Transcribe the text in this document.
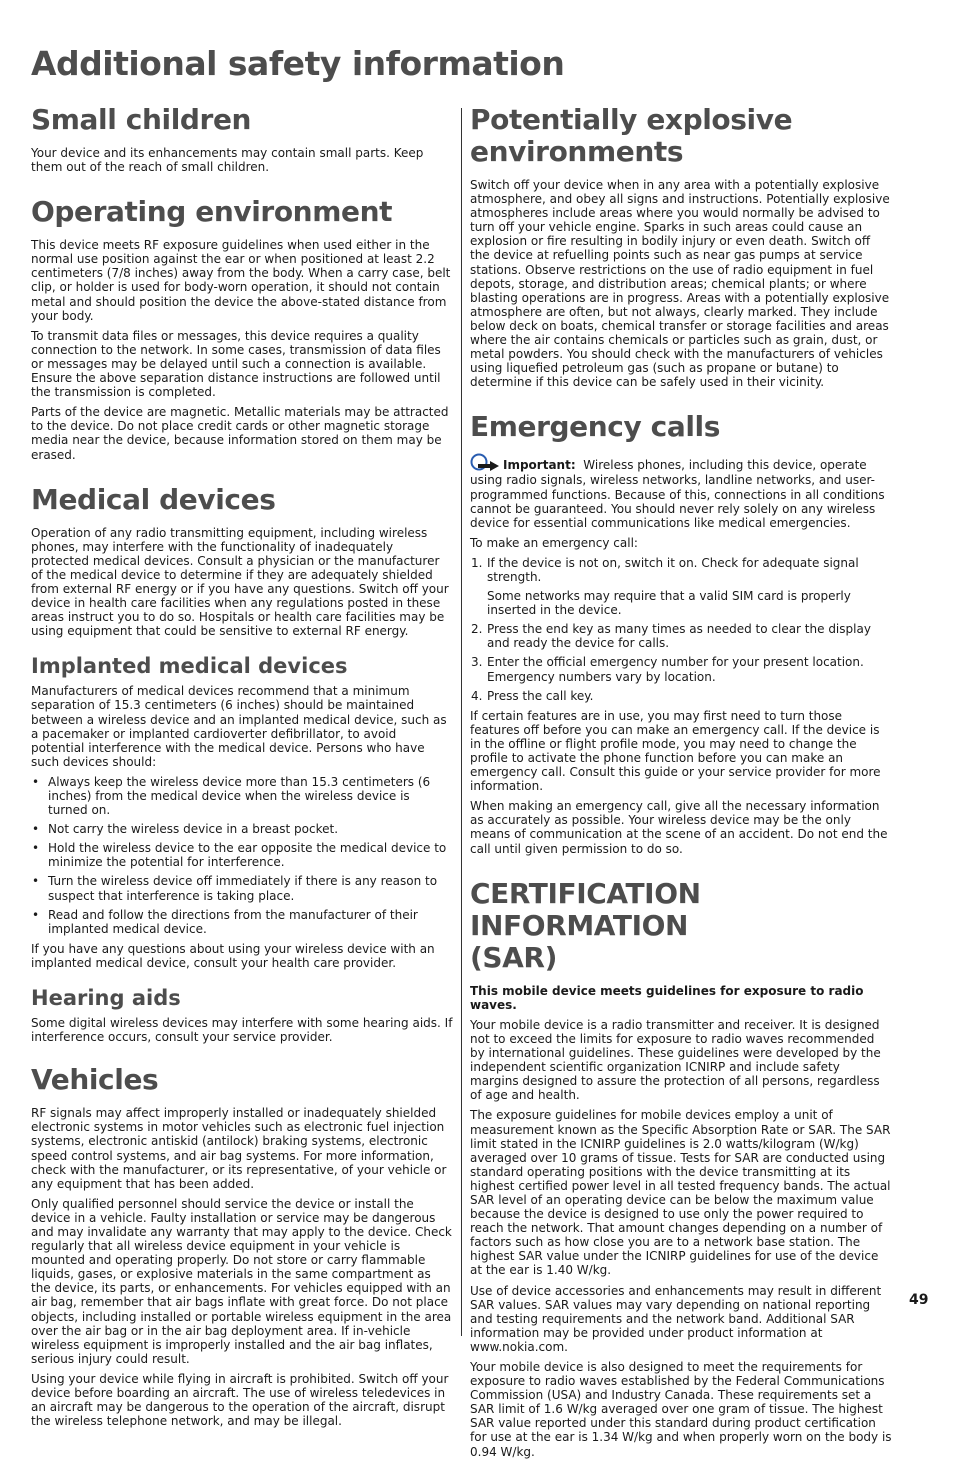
Additional safety information
Small children

Your device and its enhancements may contain small parts. Keep them out of the reach of small children.

Operating environment

This device meets RF exposure guidelines when used either in the normal use position against the ear or when positioned at least 2.2 centimeters (7/8 inches) away from the body. When a carry case, belt clip, or holder is used for body-worn operation, it should not contain metal and should position the device the above-stated distance from your body.

To transmit data files or messages, this device requires a quality connection to the network. In some cases, transmission of data files or messages may be delayed until such a connection is available. Ensure the above separation distance instructions are followed until the transmission is completed.

Parts of the device are magnetic. Metallic materials may be attracted to the device. Do not place credit cards or other magnetic storage media near the device, because information stored on them may be erased.

Medical devices

Operation of any radio transmitting equipment, including wireless phones, may interfere with the functionality of inadequately protected medical devices. Consult a physician or the manufacturer of the medical device to determine if they are adequately shielded from external RF energy or if you have any questions. Switch off your device in health care facilities when any regulations posted in these areas instruct you to do so. Hospitals or health care facilities may be using equipment that could be sensitive to external RF energy.

Implanted medical devices

Manufacturers of medical devices recommend that a minimum separation of 15.3 centimeters (6 inches) should be maintained between a wireless device and an implanted medical device, such as a pacemaker or implanted cardioverter defibrillator, to avoid potential interference with the medical device. Persons who have such devices should:

• Always keep the wireless device more than 15.3 centimeters (6 inches) from the medical device when the wireless device is turned on.
• Not carry the wireless device in a breast pocket.
• Hold the wireless device to the ear opposite the medical device to minimize the potential for interference.
• Turn the wireless device off immediately if there is any reason to suspect that interference is taking place.
• Read and follow the directions from the manufacturer of their implanted medical device.

If you have any questions about using your wireless device with an implanted medical device, consult your health care provider.

Hearing aids

Some digital wireless devices may interfere with some hearing aids. If interference occurs, consult your service provider.

Vehicles

RF signals may affect improperly installed or inadequately shielded electronic systems in motor vehicles such as electronic fuel injection systems, electronic antiskid (antilock) braking systems, electronic speed control systems, and air bag systems. For more information, check with the manufacturer, or its representative, of your vehicle or any equipment that has been added.

Only qualified personnel should service the device or install the device in a vehicle. Faulty installation or service may be dangerous and may invalidate any warranty that may apply to the device. Check regularly that all wireless device equipment in your vehicle is mounted and operating properly. Do not store or carry flammable liquids, gases, or explosive materials in the same compartment as the device, its parts, or enhancements. For vehicles equipped with an air bag, remember that air bags inflate with great force. Do not place objects, including installed or portable wireless equipment in the area over the air bag or in the air bag deployment area. If in-vehicle wireless equipment is improperly installed and the air bag inflates, serious injury could result.

Using your device while flying in aircraft is prohibited. Switch off your device before boarding an aircraft. The use of wireless teledevices in an aircraft may be dangerous to the operation of the aircraft, disrupt the wireless telephone network, and may be illegal.

Potentially explosive
environments

Switch off your device when in any area with a potentially explosive atmosphere, and obey all signs and instructions. Potentially explosive atmospheres include areas where you would normally be advised to turn off your vehicle engine. Sparks in such areas could cause an explosion or fire resulting in bodily injury or even death. Switch off the device at refuelling points such as near gas pumps at service stations. Observe restrictions on the use of radio equipment in fuel depots, storage, and distribution areas; chemical plants; or where blasting operations are in progress. Areas with a potentially explosive atmosphere are often, but not always, clearly marked. They include below deck on boats, chemical transfer or storage facilities and areas where the air contains chemicals or particles such as grain, dust, or metal powders. You should check with the manufacturers of vehicles using liquefied petroleum gas (such as propane or butane) to determine if this device can be safely used in their vicinity.

Emergency calls

Important: Wireless phones, including this device, operate using radio signals, wireless networks, landline networks, and user-programmed functions. Because of this, connections in all conditions cannot be guaranteed. You should never rely solely on any wireless device for essential communications like medical emergencies.

To make an emergency call:

1. If the device is not on, switch it on. Check for adequate signal strength.

Some networks may require that a valid SIM card is properly inserted in the device.

2. Press the end key as many times as needed to clear the display and ready the device for calls.
3. Enter the official emergency number for your present location. Emergency numbers vary by location.
4. Press the call key.

If certain features are in use, you may first need to turn those features off before you can make an emergency call. If the device is in the offline or flight profile mode, you may need to change the profile to activate the phone function before you can make an emergency call. Consult this guide or your service provider for more information.

When making an emergency call, give all the necessary information as accurately as possible. Your wireless device may be the only means of communication at the scene of an accident. Do not end the call until given permission to do so.

CERTIFICATION INFORMATION
(SAR)

This mobile device meets guidelines for exposure to radio waves.

Your mobile device is a radio transmitter and receiver. It is designed not to exceed the limits for exposure to radio waves recommended by international guidelines. These guidelines were developed by the independent scientific organization ICNIRP and include safety margins designed to assure the protection of all persons, regardless of age and health.

The exposure guidelines for mobile devices employ a unit of measurement known as the Specific Absorption Rate or SAR. The SAR limit stated in the ICNIRP guidelines is 2.0 watts/kilogram (W/kg) averaged over 10 grams of tissue. Tests for SAR are conducted using standard operating positions with the device transmitting at its highest certified power level in all tested frequency bands. The actual SAR level of an operating device can be below the maximum value because the device is designed to use only the power required to reach the network. That amount changes depending on a number of factors such as how close you are to a network base station. The highest SAR value under the ICNIRP guidelines for use of the device at the ear is 1.40 W/kg.

Use of device accessories and enhancements may result in different SAR values. SAR values may vary depending on national reporting and testing requirements and the network band. Additional SAR information may be provided under product information at www.nokia.com.

Your mobile device is also designed to meet the requirements for exposure to radio waves established by the Federal Communications Commission (USA) and Industry Canada. These requirements set a SAR limit of 1.6 W/kg averaged over one gram of tissue. The highest SAR value reported under this standard during product certification for use at the ear is 1.34 W/kg and when properly worn on the body is 0.94 W/kg.

49
